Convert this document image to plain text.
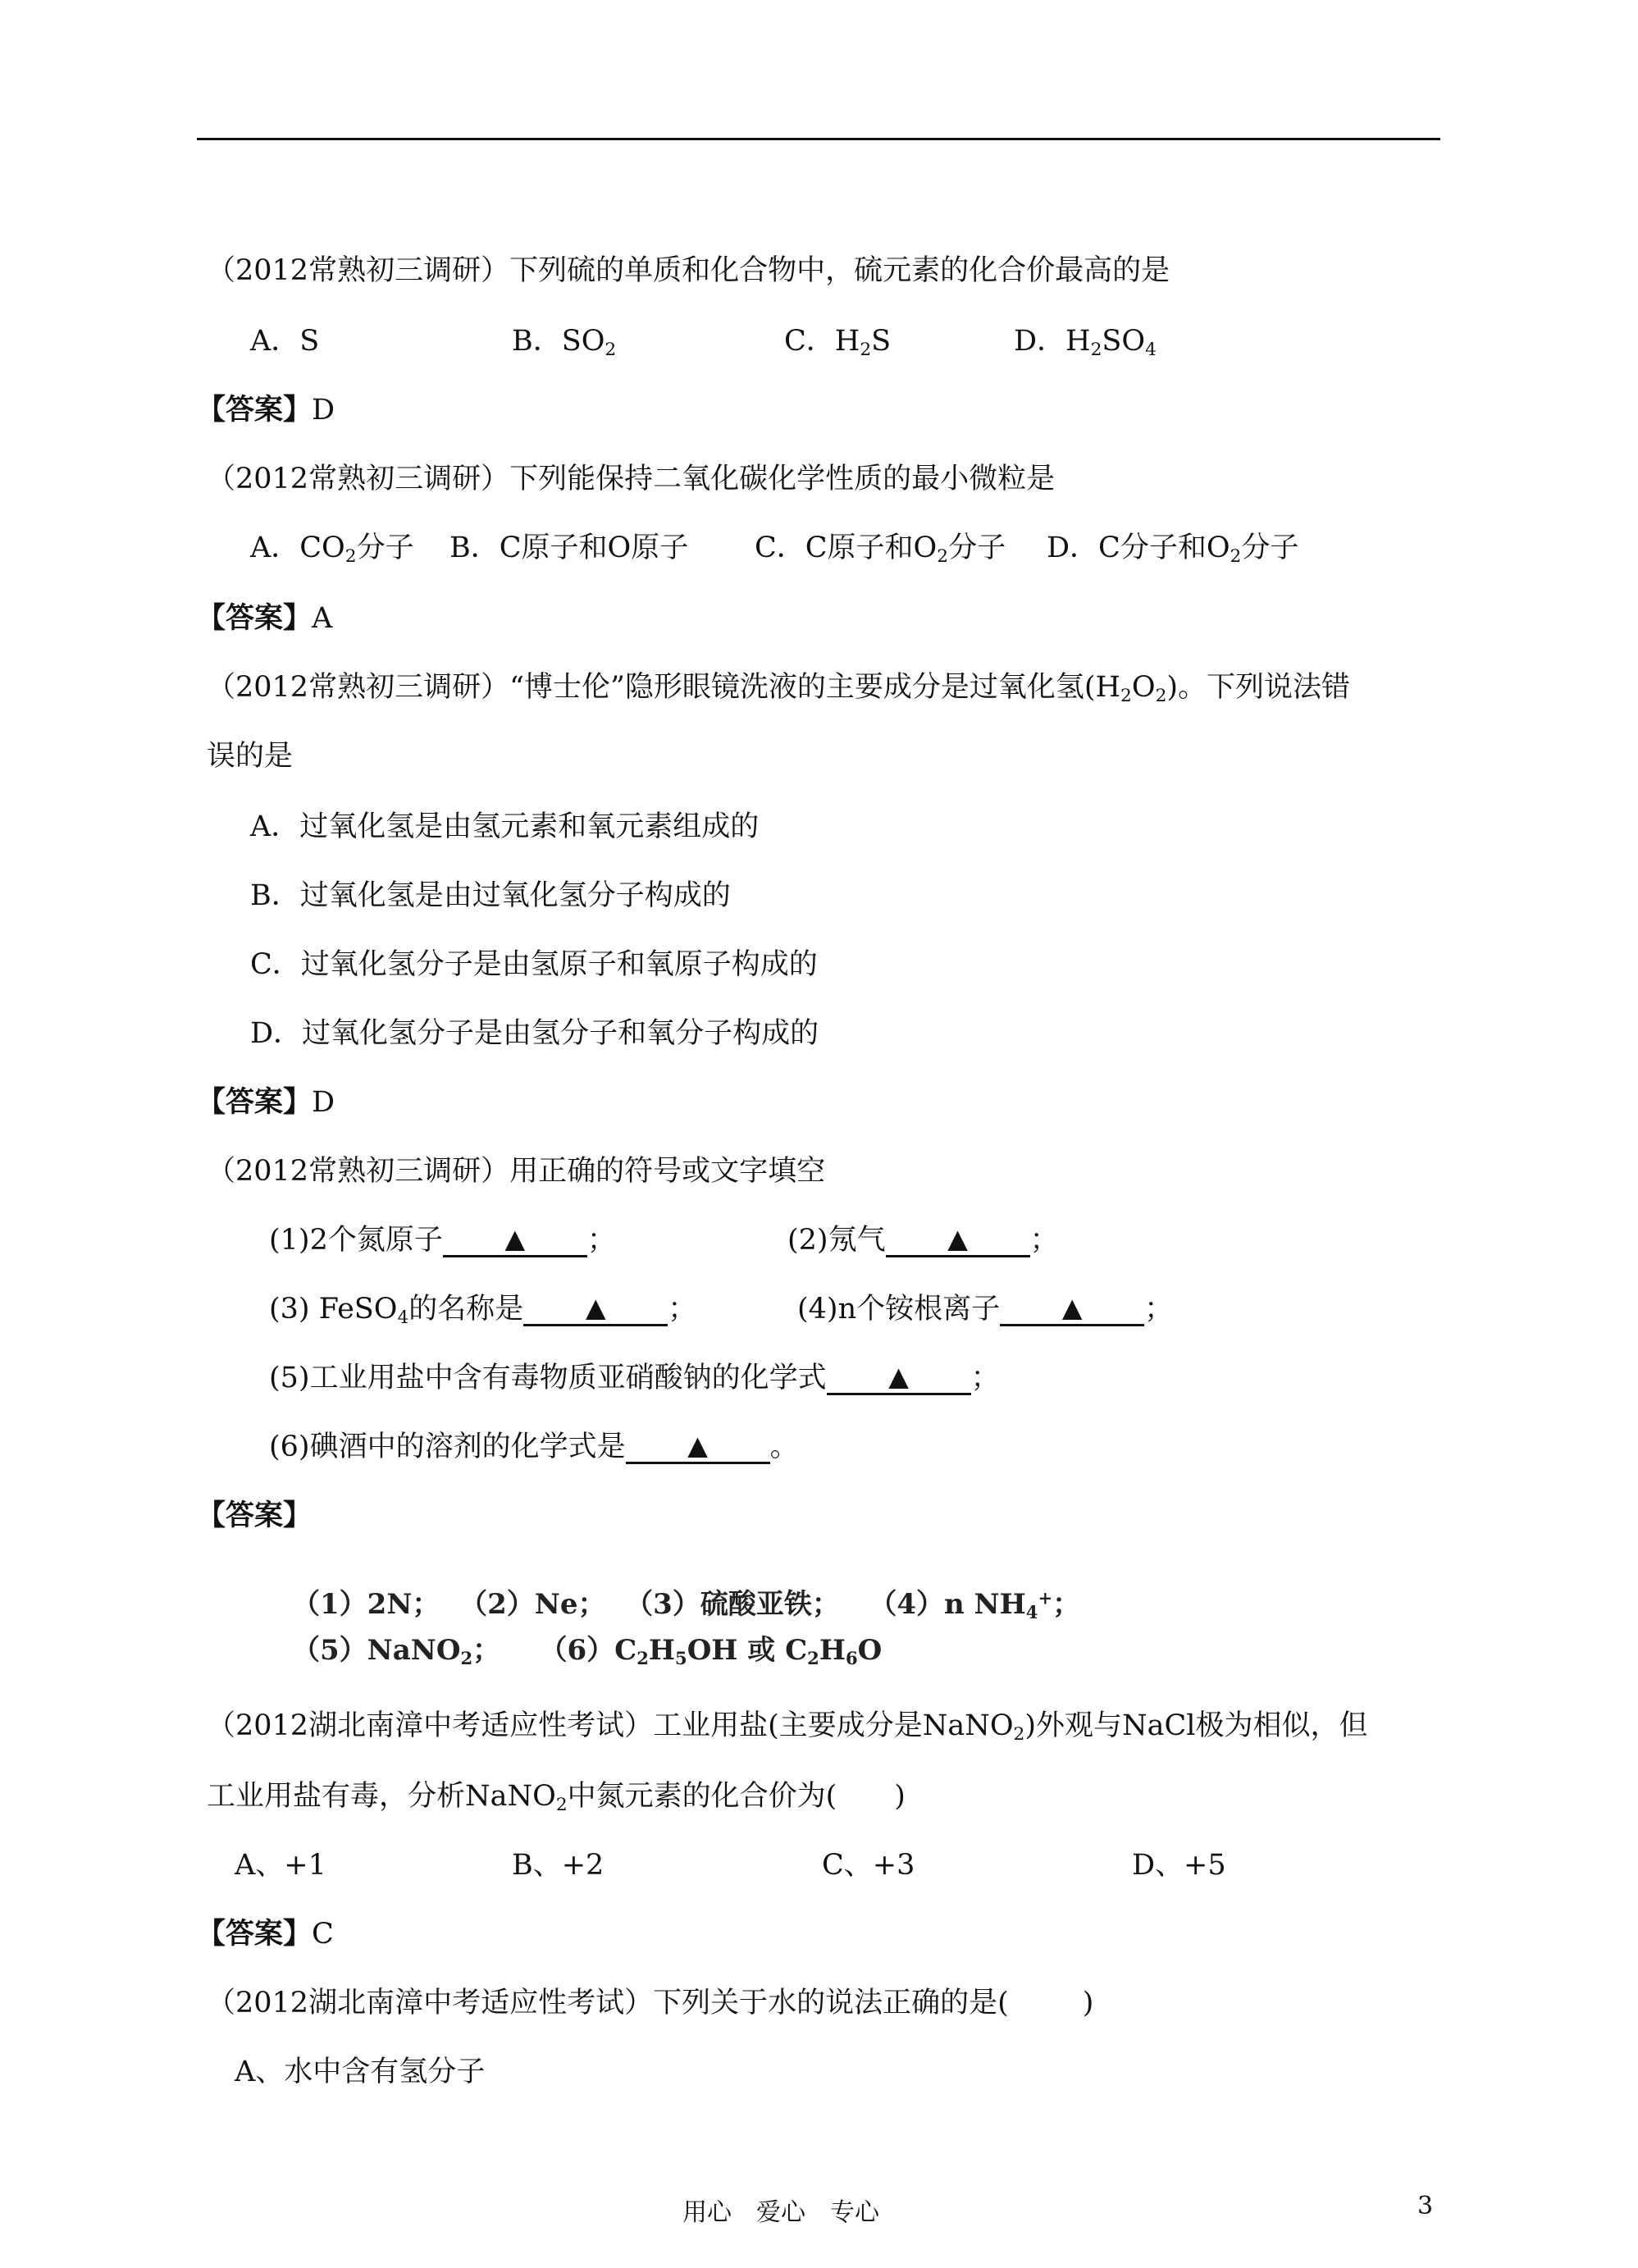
（2012常熟初三调研）下列硫的单质和化合物中，硫元素的化合价最高的是
A．S	B．$SO_2$	C．$H_2S$	D．$H_2SO_4$
【答案】D
（2012常熟初三调研）下列能保持二氧化碳化学性质的最小微粒是
A．$CO_2$分子 B．C原子和O原子 C．C原子和$O_2$分子 D．C分子和$O_2$分子
【答案】A
（2012常熟初三调研）“博士伦”隐形眼镜洗液的主要成分是过氧化氢$(H_2O_2)$。下列说法错
误的是
A．过氧化氢是由氢元素和氧元素组成的
B．过氧化氢是由过氧化氢分子构成的
C．过氧化氢分子是由氢原子和氧原子构成的
D．过氧化氢分子是由氢分子和氧分子构成的
【答案】D
（2012常熟初三调研）用正确的符号或文字填空
(1)2个氮原子 ▲ ；	(2)氖气 ▲ ；
(3) FeSO$_4$的名称是 ▲ ；	(4)n个铵根离子 ▲ ；
(5)工业用盐中含有毒物质亚硝酸钠的化学式 ▲ ；
(6)碘酒中的溶剂的化学式是 ▲ 。
【答案】
（1）2N； （2）Ne； （3）硫酸亚铁； （4）n $NH_4^+$；
（5）NaNO$_2$； $(6)C_2H_5OH$ 或 $C_2H_6O$
（2012湖北南漳中考适应性考试）工业用盐(主要成分是NaNO$_2$)外观与NaCl极为相似，但
工业用盐有毒，分析NaNO$_2$中氮元素的化合价为( )
A、+1	B、+2	C、+3	D、+5
【答案】C
（2012湖北南漳中考适应性考试）下列关于水的说法正确的是(	)
A、水中含有氢分子
用心　爱心　专心	3
